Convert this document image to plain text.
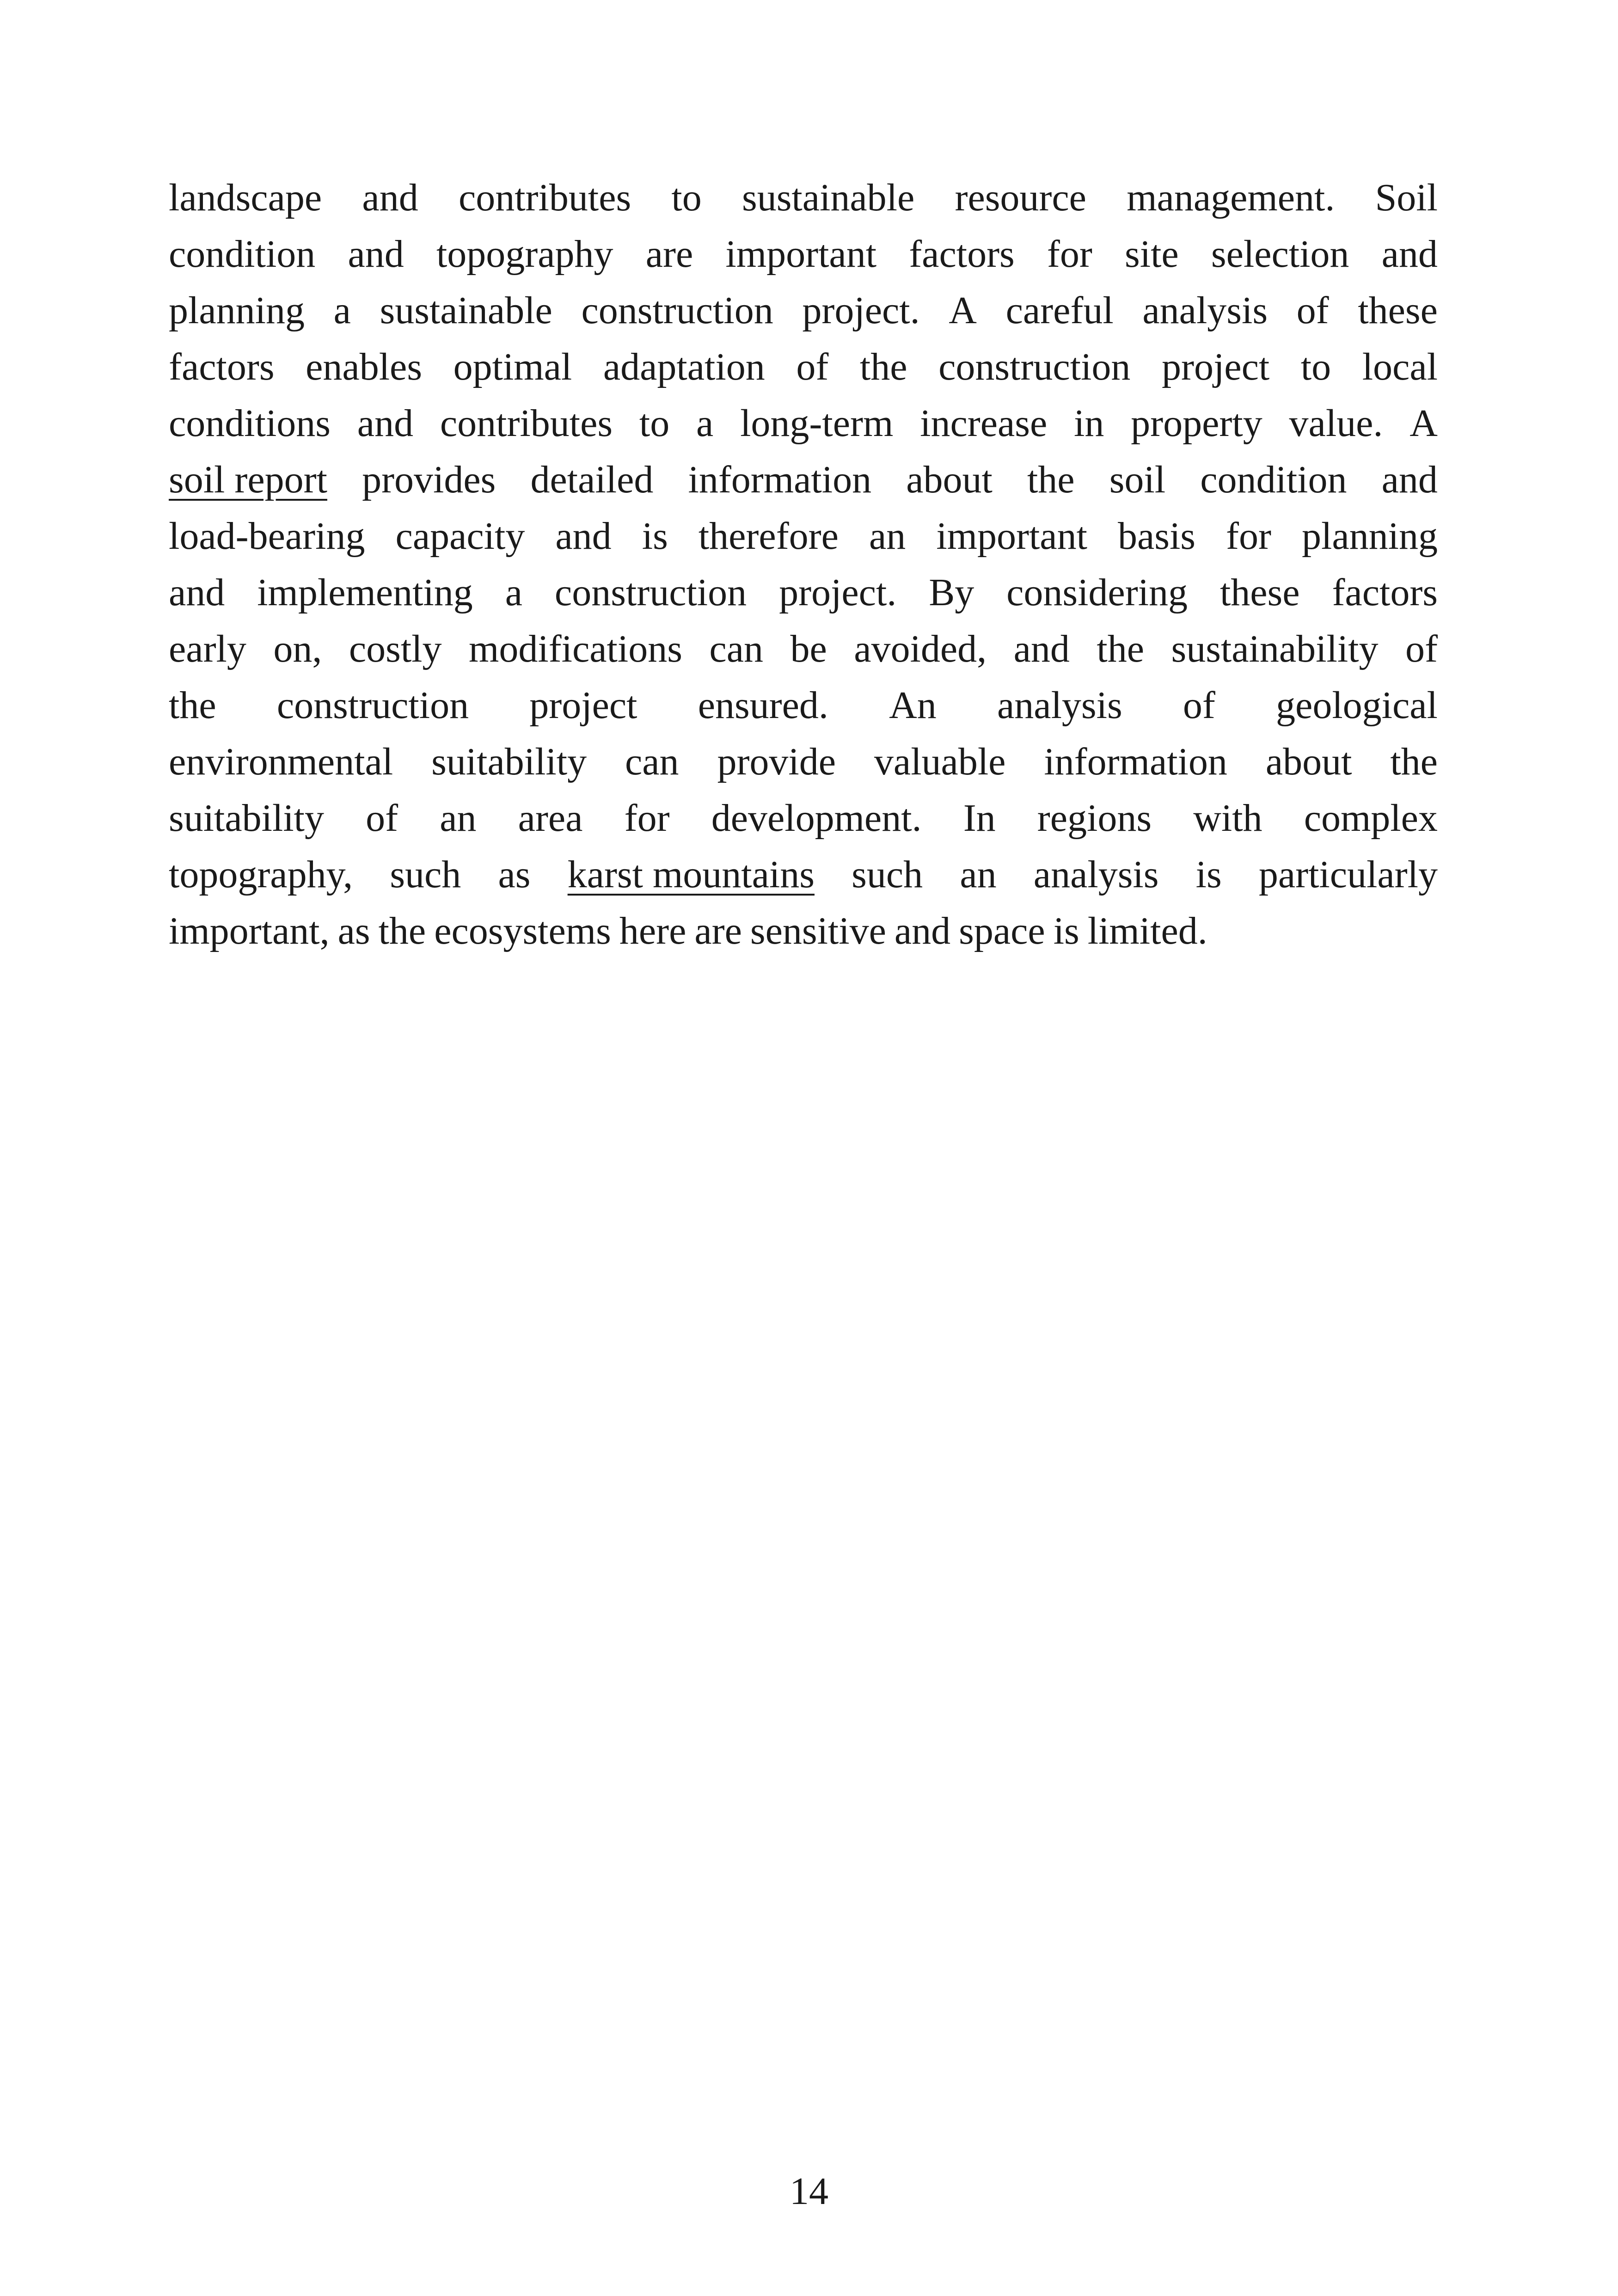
landscape and contributes to sustainable resource management. Soil
condition and topography are important factors for site selection and
planning a sustainable construction project. A careful analysis of these
factors enables optimal adaptation of the construction project to local
conditions and contributes to a long-term increase in property value. A
soil report provides detailed information about the soil condition and
load-bearing capacity and is therefore an important basis for planning
and implementing a construction project. By considering these factors
early on, costly modifications can be avoided, and the sustainability of
the construction project ensured. An analysis of geological
environmental suitability can provide valuable information about the
suitability of an area for development. In regions with complex
topography, such as karst mountains such an analysis is particularly
important, as the ecosystems here are sensitive and space is limited.
14
